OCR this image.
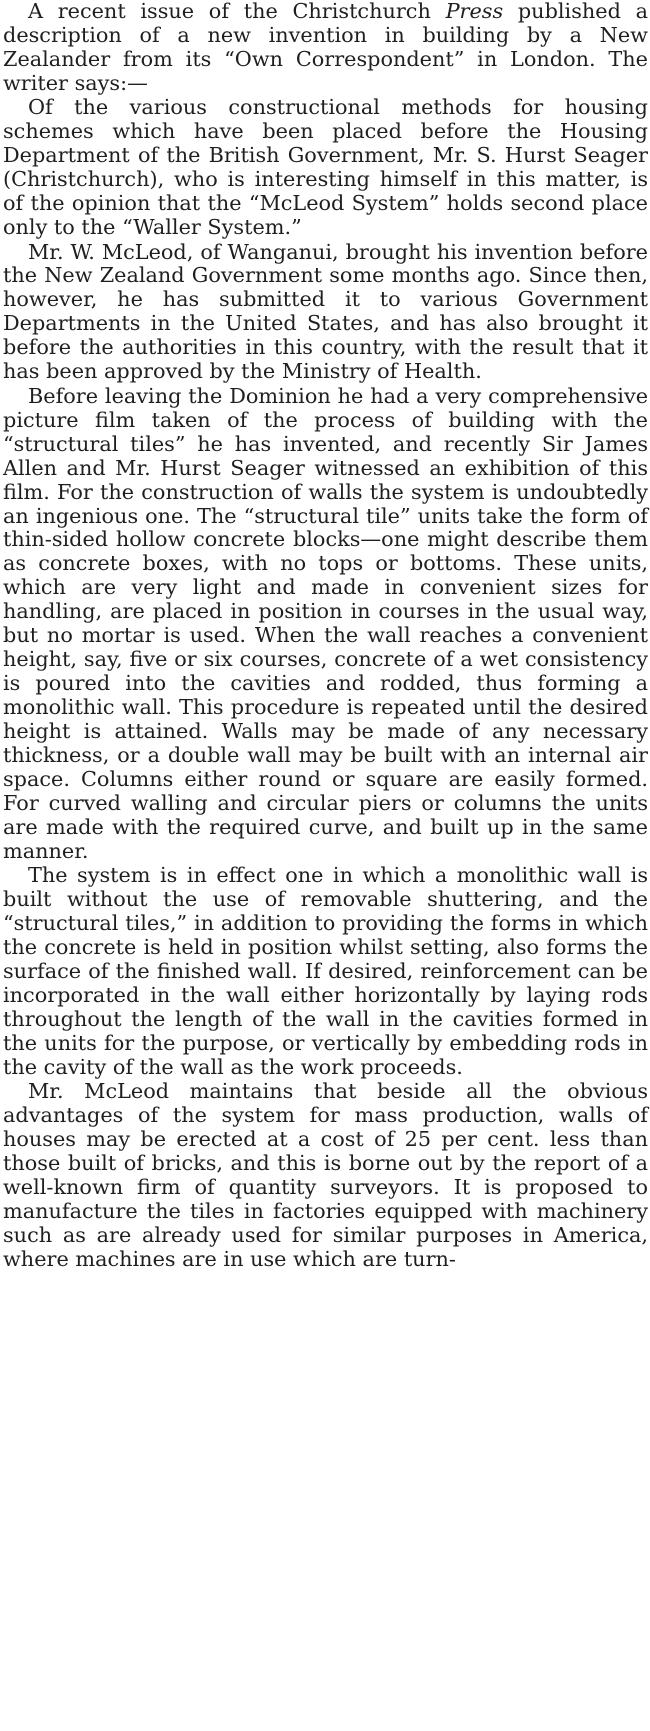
A recent issue of the Christchurch Press published a description of a new invention in building by a New Zealander from its “Own Correspondent” in London. The writer says:—

Of the various constructional methods for housing schemes which have been placed before the Housing Department of the British Government, Mr. S. Hurst Seager (Christchurch), who is interesting himself in this matter, is of the opinion that the “McLeod System” holds second place only to the “Waller System.”

Mr. W. McLeod, of Wanganui, brought his invention before the New Zealand Government some months ago. Since then, however, he has submitted it to various Government Departments in the United States, and has also brought it before the authorities in this country, with the result that it has been approved by the Ministry of Health.

Before leaving the Dominion he had a very comprehensive picture film taken of the process of building with the “structural tiles” he has invented, and recently Sir James Allen and Mr. Hurst Seager witnessed an exhibition of this film. For the construction of walls the system is undoubtedly an ingenious one. The “structural tile” units take the form of thin-sided hollow concrete blocks—one might describe them as concrete boxes, with no tops or bottoms. These units, which are very light and made in convenient sizes for handling, are placed in position in courses in the usual way, but no mortar is used. When the wall reaches a convenient height, say, five or six courses, concrete of a wet consistency is poured into the cavities and rodded, thus forming a monolithic wall. This procedure is repeated until the desired height is attained. Walls may be made of any necessary thickness, or a double wall may be built with an internal air space. Columns either round or square are easily formed. For curved walling and circular piers or columns the units are made with the required curve, and built up in the same manner.

The system is in effect one in which a monolithic wall is built without the use of removable shuttering, and the “structural tiles,” in addition to providing the forms in which the concrete is held in position whilst setting, also forms the surface of the finished wall. If desired, reinforcement can be incorporated in the wall either horizontally by laying rods throughout the length of the wall in the cavities formed in the units for the purpose, or vertically by embedding rods in the cavity of the wall as the work proceeds.

Mr. McLeod maintains that beside all the obvious advantages of the system for mass production, walls of houses may be erected at a cost of 25 per cent. less than those built of bricks, and this is borne out by the report of a well-known firm of quantity surveyors. It is proposed to manufacture the tiles in factories equipped with machinery such as are already used for similar purposes in America, where machines are in use which are turn-
